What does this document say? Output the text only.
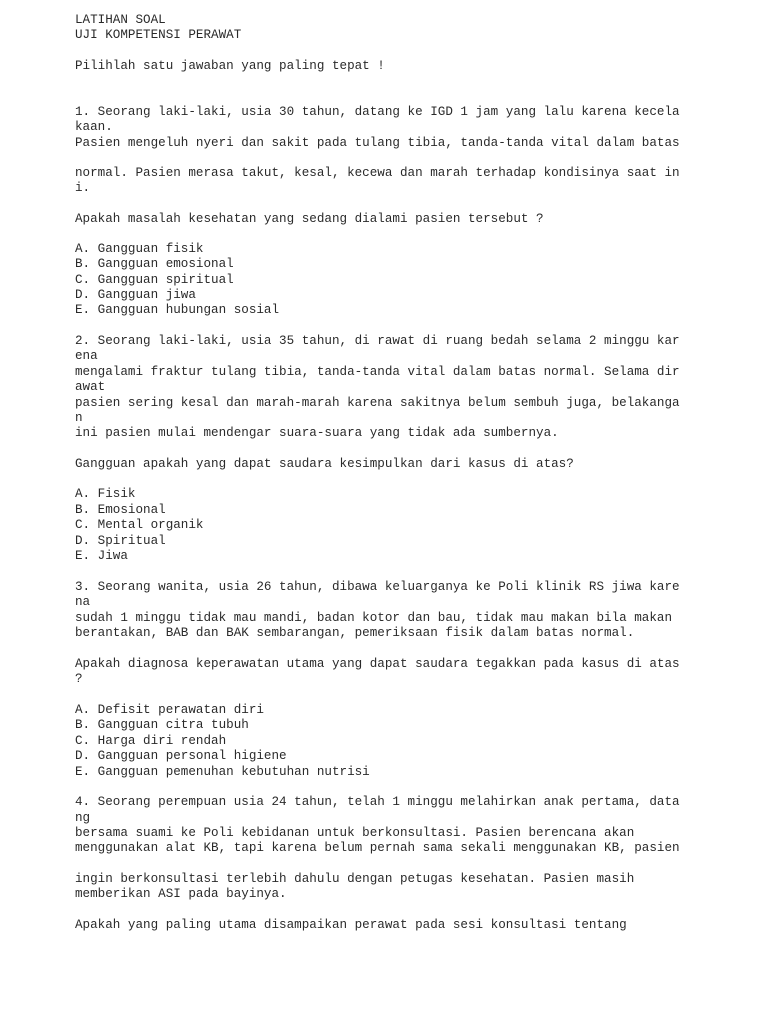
LATIHAN SOAL

UJI KOMPETENSI PERAWAT

Pilihlah satu jawaban yang paling tepat !

1. Seorang laki-laki, usia 30 tahun, datang ke IGD 1 jam yang lalu karena kecela

kaan.

Pasien mengeluh nyeri dan sakit pada tulang tibia, tanda-tanda vital dalam batas

normal. Pasien merasa takut, kesal, kecewa dan marah terhadap kondisinya saat in

i.

Apakah masalah kesehatan yang sedang dialami pasien tersebut ?

A. Gangguan fisik

B. Gangguan emosional

C. Gangguan spiritual

D. Gangguan jiwa

E. Gangguan hubungan sosial

2. Seorang laki-laki, usia 35 tahun, di rawat di ruang bedah selama 2 minggu kar

ena

mengalami fraktur tulang tibia, tanda-tanda vital dalam batas normal. Selama dir

awat

pasien sering kesal dan marah-marah karena sakitnya belum sembuh juga, belakanga

n

ini pasien mulai mendengar suara-suara yang tidak ada sumbernya.

Gangguan apakah yang dapat saudara kesimpulkan dari kasus di atas?

A. Fisik

B. Emosional

C. Mental organik

D. Spiritual

E. Jiwa

3. Seorang wanita, usia 26 tahun, dibawa keluarganya ke Poli klinik RS jiwa kare

na

sudah 1 minggu tidak mau mandi, badan kotor dan bau, tidak mau makan bila makan

berantakan, BAB dan BAK sembarangan, pemeriksaan fisik dalam batas normal.

Apakah diagnosa keperawatan utama yang dapat saudara tegakkan pada kasus di atas

?

A. Defisit perawatan diri

B. Gangguan citra tubuh

C. Harga diri rendah

D. Gangguan personal higiene

E. Gangguan pemenuhan kebutuhan nutrisi

4. Seorang perempuan usia 24 tahun, telah 1 minggu melahirkan anak pertama, data

ng

bersama suami ke Poli kebidanan untuk berkonsultasi. Pasien berencana akan

menggunakan alat KB, tapi karena belum pernah sama sekali menggunakan KB, pasien

ingin berkonsultasi terlebih dahulu dengan petugas kesehatan. Pasien masih

memberikan ASI pada bayinya.

Apakah yang paling utama disampaikan perawat pada sesi konsultasi tentang
